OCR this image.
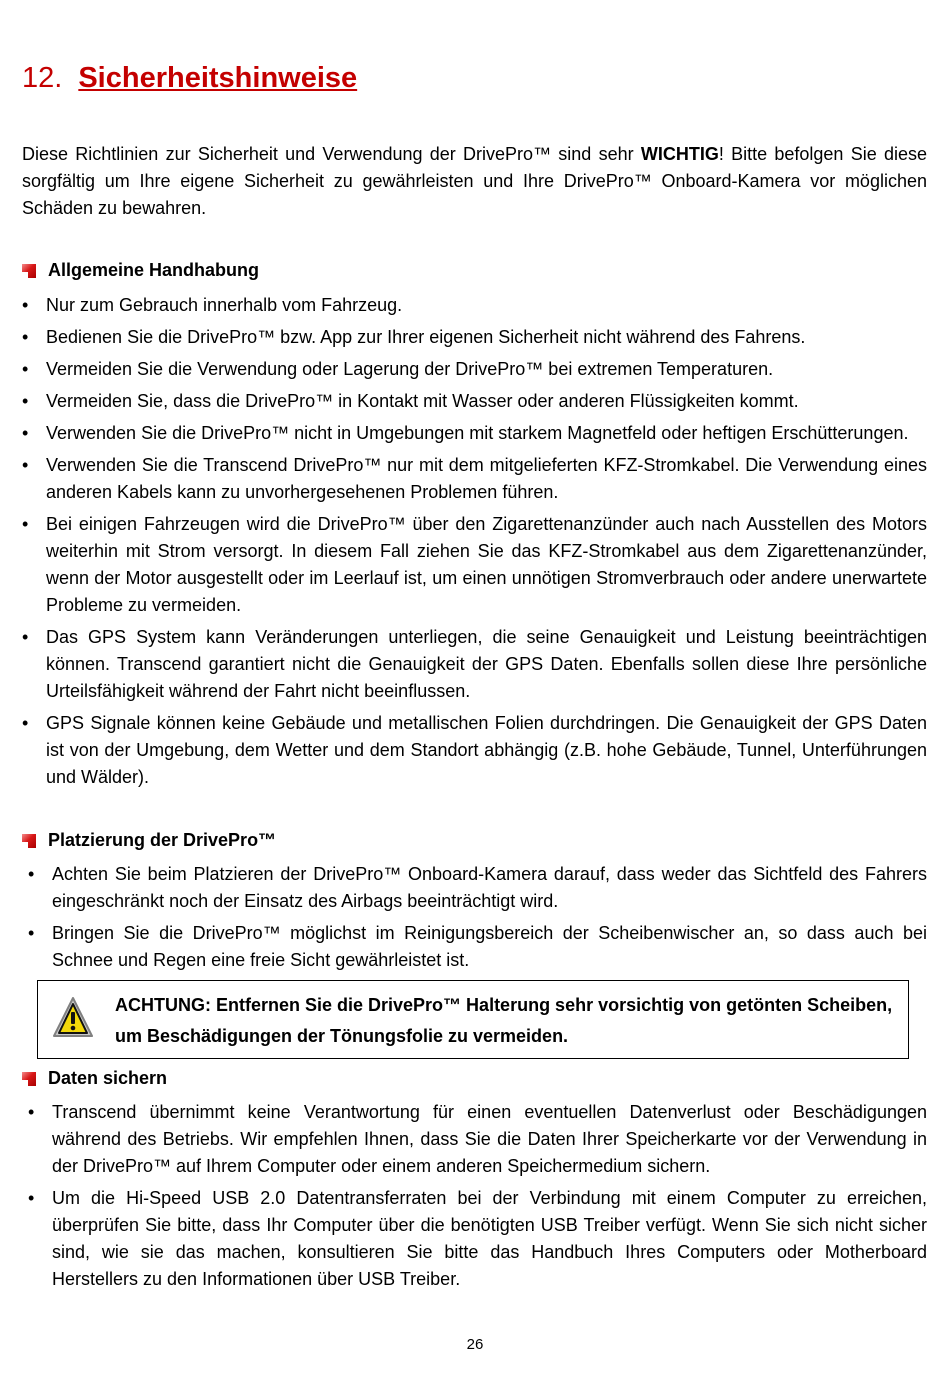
12. Sicherheitshinweise

Diese Richtlinien zur Sicherheit und Verwendung der DrivePro™ sind sehr WICHTIG! Bitte befolgen Sie diese sorgfältig um Ihre eigene Sicherheit zu gewährleisten und Ihre DrivePro™ Onboard-Kamera vor möglichen Schäden zu bewahren.

Allgemeine Handhabung
• Nur zum Gebrauch innerhalb vom Fahrzeug.
• Bedienen Sie die DrivePro™ bzw. App zur Ihrer eigenen Sicherheit nicht während des Fahrens.
• Vermeiden Sie die Verwendung oder Lagerung der DrivePro™ bei extremen Temperaturen.
• Vermeiden Sie, dass die DrivePro™ in Kontakt mit Wasser oder anderen Flüssigkeiten kommt.
• Verwenden Sie die DrivePro™ nicht in Umgebungen mit starkem Magnetfeld oder heftigen Erschütterungen.
• Verwenden Sie die Transcend DrivePro™ nur mit dem mitgelieferten KFZ-Stromkabel. Die Verwendung eines anderen Kabels kann zu unvorhergesehenen Problemen führen.
• Bei einigen Fahrzeugen wird die DrivePro™ über den Zigarettenanzünder auch nach Ausstellen des Motors weiterhin mit Strom versorgt. In diesem Fall ziehen Sie das KFZ-Stromkabel aus dem Zigarettenanzünder, wenn der Motor ausgestellt oder im Leerlauf ist, um einen unnötigen Stromverbrauch oder andere unerwartete Probleme zu vermeiden.
• Das GPS System kann Veränderungen unterliegen, die seine Genauigkeit und Leistung beeinträchtigen können. Transcend garantiert nicht die Genauigkeit der GPS Daten. Ebenfalls sollen diese Ihre persönliche Urteilsfähigkeit während der Fahrt nicht beeinflussen.
• GPS Signale können keine Gebäude und metallischen Folien durchdringen. Die Genauigkeit der GPS Daten ist von der Umgebung, dem Wetter und dem Standort abhängig (z.B. hohe Gebäude, Tunnel, Unterführungen und Wälder).
Platzierung der DrivePro™
• Achten Sie beim Platzieren der DrivePro™ Onboard-Kamera darauf, dass weder das Sichtfeld des Fahrers eingeschränkt noch der Einsatz des Airbags beeinträchtigt wird.
• Bringen Sie die DrivePro™ möglichst im Reinigungsbereich der Scheibenwischer an, so dass auch bei Schnee und Regen eine freie Sicht gewährleistet ist.

ACHTUNG: Entfernen Sie die DrivePro™ Halterung sehr vorsichtig von getönten Scheiben, um Beschädigungen der Tönungsfolie zu vermeiden.

Daten sichern
• Transcend übernimmt keine Verantwortung für einen eventuellen Datenverlust oder Beschädigungen während des Betriebs. Wir empfehlen Ihnen, dass Sie die Daten Ihrer Speicherkarte vor der Verwendung in der DrivePro™ auf Ihrem Computer oder einem anderen Speichermedium sichern.
• Um die Hi-Speed USB 2.0 Datentransferraten bei der Verbindung mit einem Computer zu erreichen, überprüfen Sie bitte, dass Ihr Computer über die benötigten USB Treiber verfügt. Wenn Sie sich nicht sicher sind, wie sie das machen, konsultieren Sie bitte das Handbuch Ihres Computers oder Motherboard Herstellers zu den Informationen über USB Treiber.
26
